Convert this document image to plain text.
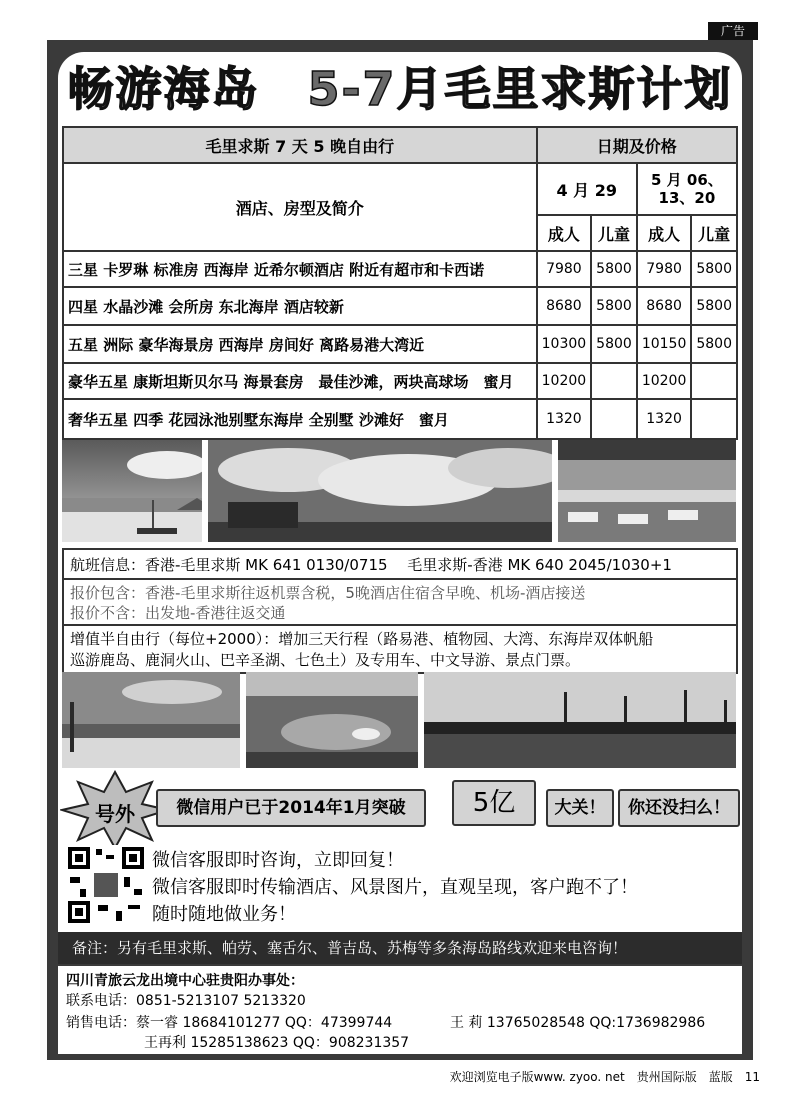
广告
畅游海岛　5-7月毛里求斯计划
毛里求斯 7 天 5 晚自由行	日期及价格			
酒店、房型及简介	4 月 29		5 月 06、13、20	
	成人	儿童	成人	儿童
三星 卡罗琳 标准房 西海岸 近希尔顿酒店 附近有超市和卡西诺	7980	5800	7980	5800
四星 水晶沙滩 会所房 东北海岸 酒店较新	8680	5800	8680	5800
五星 洲际 豪华海景房 西海岸 房间好 离路易港大湾近	10300	5800	10150	5800
豪华五星 康斯坦斯贝尔马 海景套房　最佳沙滩，两块高球场　蜜月	10200		10200	
奢华五星 四季 花园泳池别墅东海岸 全别墅 沙滩好　蜜月	1320		1320	
航班信息：香港-毛里求斯 MK 641 0130/0715　 毛里求斯-香港 MK 640 2045/1030+1
报价包含：香港-毛里求斯往返机票含税，5晚酒店住宿含早晚、机场-酒店接送
报价不含：出发地-香港往返交通
增值半自由行（每位+2000）：增加三天行程（路易港、植物园、大湾、东海岸双体帆船
巡游鹿岛、鹿洞火山、巴辛圣湖、七色土）及专用车、中文导游、景点门票。
号外	微信用户已于2014年1月突破	5亿	大关！	你还没扫么！
微信客服即时咨询，立即回复！
微信客服即时传输酒店、风景图片，直观呈现，客户跑不了！
随时随地做业务！
备注：另有毛里求斯、帕劳、塞舌尔、普吉岛、苏梅等多条海岛路线欢迎来电咨询！
四川青旅云龙出境中心驻贵阳办事处：
联系电话：0851-5213107 5213320
销售电话：蔡一睿 18684101277 QQ：47399744	王 莉 13765028548 QQ:1736982986
王再利 15285138623 QQ：908231357
欢迎浏览电子版www. zyoo. net　贵州国际版　蓝版　11
